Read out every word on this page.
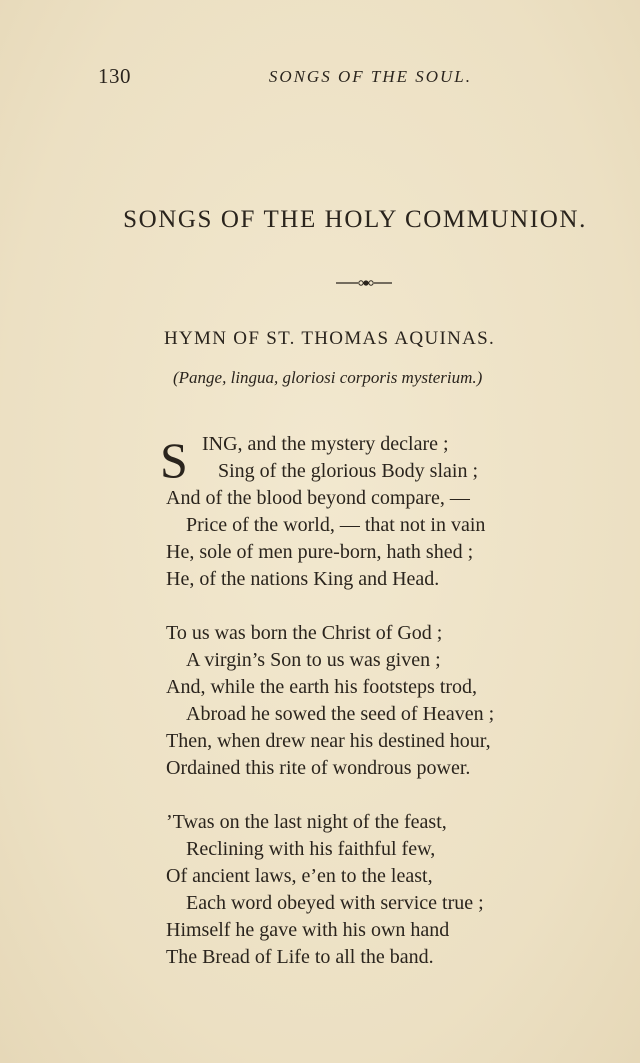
130	SONGS OF THE SOUL.
SONGS OF THE HOLY COMMUNION.
HYMN OF ST. THOMAS AQUINAS.
(Pange, lingua, gloriosi corporis mysterium.)
S ING, and the mystery declare ;
Sing of the glorious Body slain ;
And of the blood beyond compare, —
Price of the world, — that not in vain
He, sole of men pure-born, hath shed ;
He, of the nations King and Head.
To us was born the Christ of God ;
A virgin’s Son to us was given ;
And, while the earth his footsteps trod,
Abroad he sowed the seed of Heaven ;
Then, when drew near his destined hour,
Ordained this rite of wondrous power.
’Twas on the last night of the feast,
Reclining with his faithful few,
Of ancient laws, e’en to the least,
Each word obeyed with service true ;
Himself he gave with his own hand
The Bread of Life to all the band.
